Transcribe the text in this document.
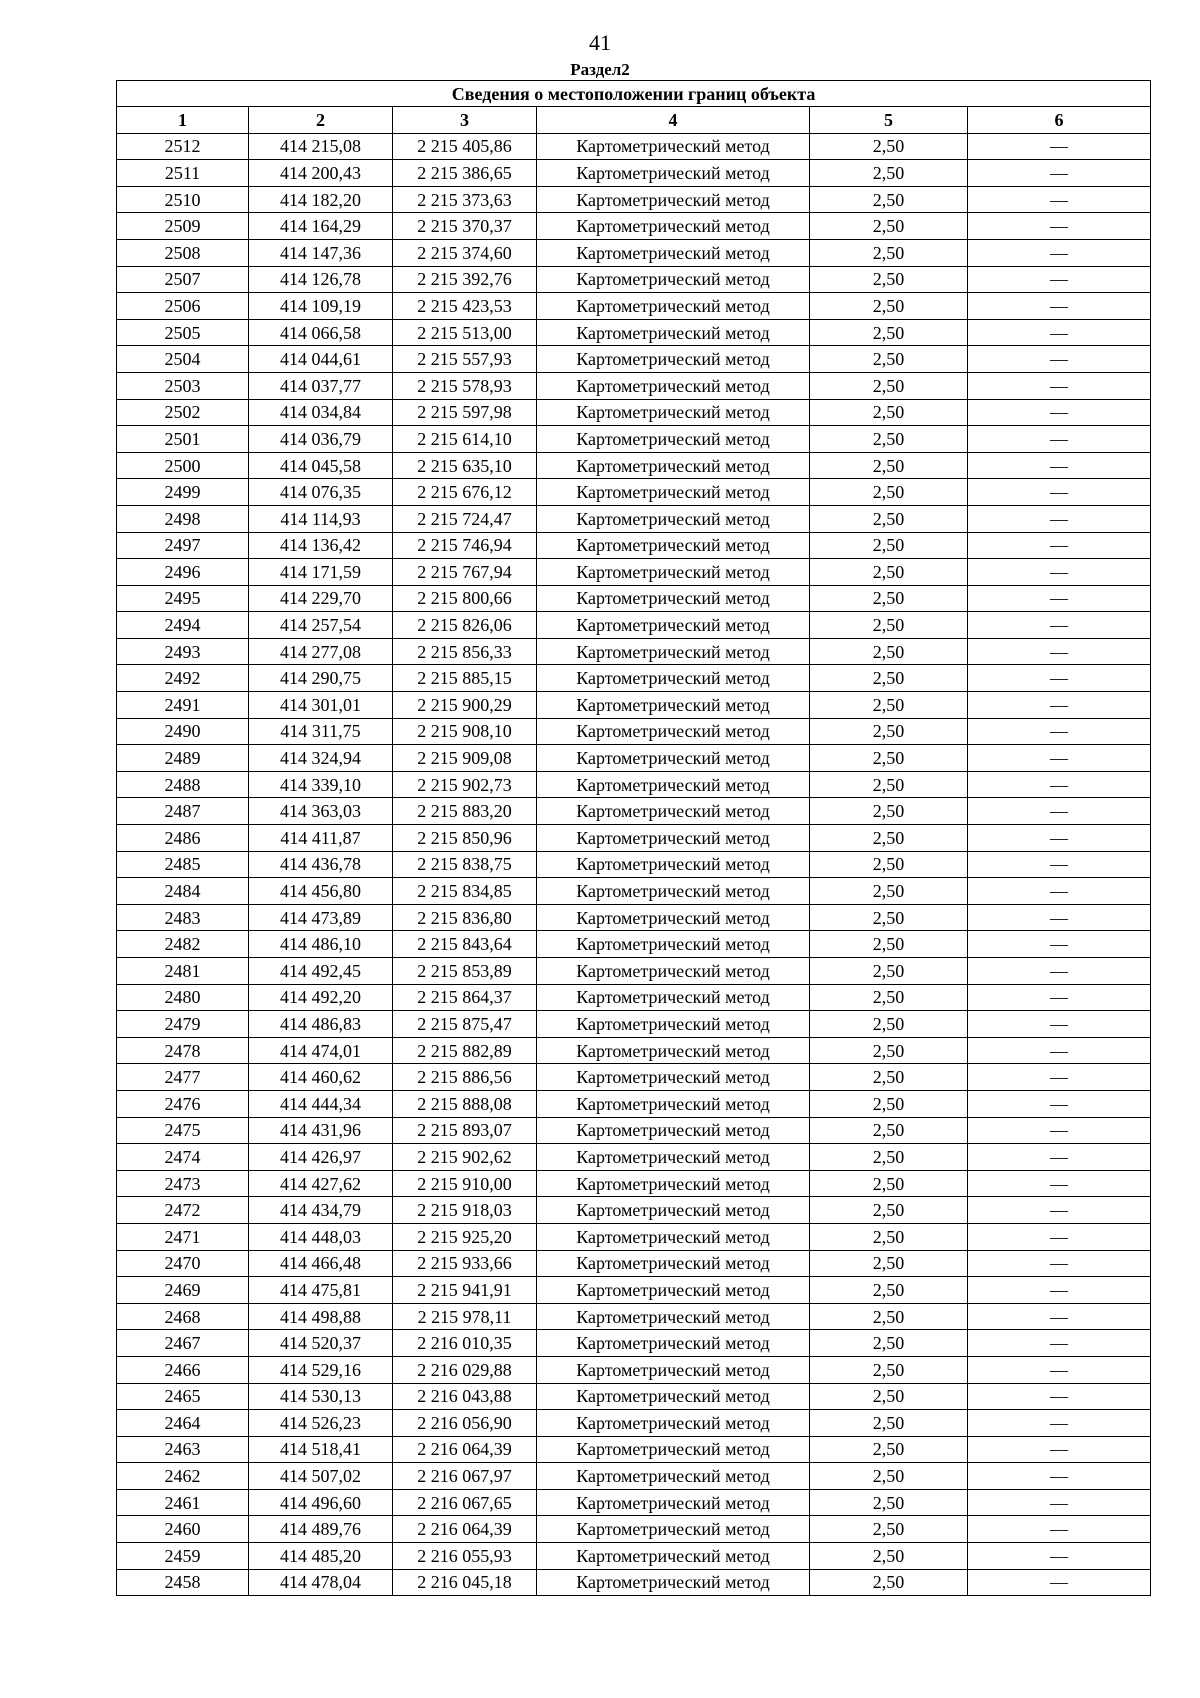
41
Раздел2
Сведения о местоположении границ объекта					
1	2	3	4	5	6
2512	414 215,08	2 215 405,86	Картометрический метод	2,50	—
2511	414 200,43	2 215 386,65	Картометрический метод	2,50	—
2510	414 182,20	2 215 373,63	Картометрический метод	2,50	—
2509	414 164,29	2 215 370,37	Картометрический метод	2,50	—
2508	414 147,36	2 215 374,60	Картометрический метод	2,50	—
2507	414 126,78	2 215 392,76	Картометрический метод	2,50	—
2506	414 109,19	2 215 423,53	Картометрический метод	2,50	—
2505	414 066,58	2 215 513,00	Картометрический метод	2,50	—
2504	414 044,61	2 215 557,93	Картометрический метод	2,50	—
2503	414 037,77	2 215 578,93	Картометрический метод	2,50	—
2502	414 034,84	2 215 597,98	Картометрический метод	2,50	—
2501	414 036,79	2 215 614,10	Картометрический метод	2,50	—
2500	414 045,58	2 215 635,10	Картометрический метод	2,50	—
2499	414 076,35	2 215 676,12	Картометрический метод	2,50	—
2498	414 114,93	2 215 724,47	Картометрический метод	2,50	—
2497	414 136,42	2 215 746,94	Картометрический метод	2,50	—
2496	414 171,59	2 215 767,94	Картометрический метод	2,50	—
2495	414 229,70	2 215 800,66	Картометрический метод	2,50	—
2494	414 257,54	2 215 826,06	Картометрический метод	2,50	—
2493	414 277,08	2 215 856,33	Картометрический метод	2,50	—
2492	414 290,75	2 215 885,15	Картометрический метод	2,50	—
2491	414 301,01	2 215 900,29	Картометрический метод	2,50	—
2490	414 311,75	2 215 908,10	Картометрический метод	2,50	—
2489	414 324,94	2 215 909,08	Картометрический метод	2,50	—
2488	414 339,10	2 215 902,73	Картометрический метод	2,50	—
2487	414 363,03	2 215 883,20	Картометрический метод	2,50	—
2486	414 411,87	2 215 850,96	Картометрический метод	2,50	—
2485	414 436,78	2 215 838,75	Картометрический метод	2,50	—
2484	414 456,80	2 215 834,85	Картометрический метод	2,50	—
2483	414 473,89	2 215 836,80	Картометрический метод	2,50	—
2482	414 486,10	2 215 843,64	Картометрический метод	2,50	—
2481	414 492,45	2 215 853,89	Картометрический метод	2,50	—
2480	414 492,20	2 215 864,37	Картометрический метод	2,50	—
2479	414 486,83	2 215 875,47	Картометрический метод	2,50	—
2478	414 474,01	2 215 882,89	Картометрический метод	2,50	—
2477	414 460,62	2 215 886,56	Картометрический метод	2,50	—
2476	414 444,34	2 215 888,08	Картометрический метод	2,50	—
2475	414 431,96	2 215 893,07	Картометрический метод	2,50	—
2474	414 426,97	2 215 902,62	Картометрический метод	2,50	—
2473	414 427,62	2 215 910,00	Картометрический метод	2,50	—
2472	414 434,79	2 215 918,03	Картометрический метод	2,50	—
2471	414 448,03	2 215 925,20	Картометрический метод	2,50	—
2470	414 466,48	2 215 933,66	Картометрический метод	2,50	—
2469	414 475,81	2 215 941,91	Картометрический метод	2,50	—
2468	414 498,88	2 215 978,11	Картометрический метод	2,50	—
2467	414 520,37	2 216 010,35	Картометрический метод	2,50	—
2466	414 529,16	2 216 029,88	Картометрический метод	2,50	—
2465	414 530,13	2 216 043,88	Картометрический метод	2,50	—
2464	414 526,23	2 216 056,90	Картометрический метод	2,50	—
2463	414 518,41	2 216 064,39	Картометрический метод	2,50	—
2462	414 507,02	2 216 067,97	Картометрический метод	2,50	—
2461	414 496,60	2 216 067,65	Картометрический метод	2,50	—
2460	414 489,76	2 216 064,39	Картометрический метод	2,50	—
2459	414 485,20	2 216 055,93	Картометрический метод	2,50	—
2458	414 478,04	2 216 045,18	Картометрический метод	2,50	—
